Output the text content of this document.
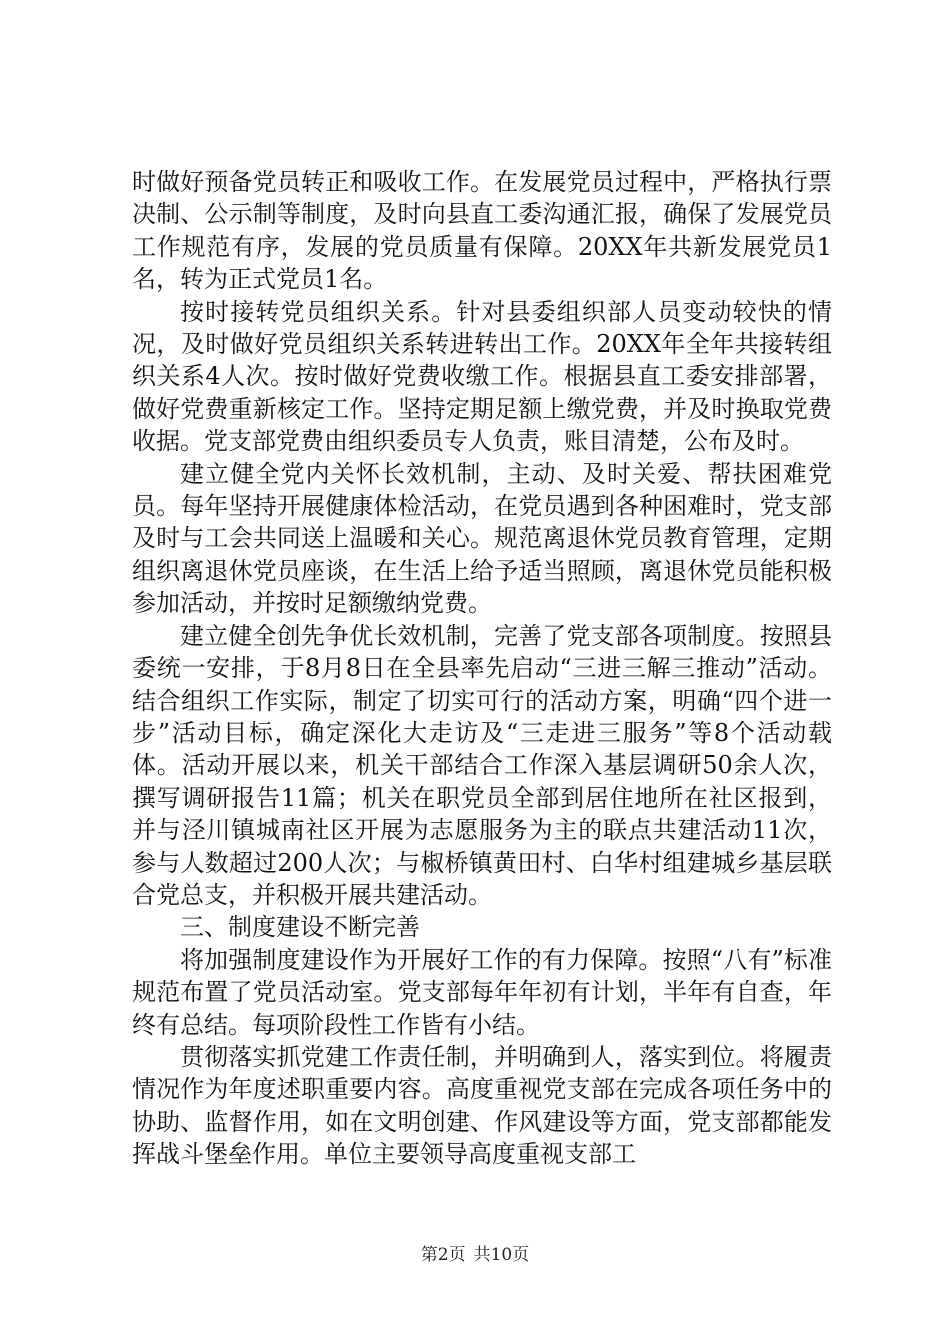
时做好预备党员转正和吸收工作。在发展党员过程中，严格执行票决制、公示制等制度，及时向县直工委沟通汇报，确保了发展党员工作规范有序，发展的党员质量有保障。20XX年共新发展党员1名，转为正式党员1名。

按时接转党员组织关系。针对县委组织部人员变动较快的情况，及时做好党员组织关系转进转出工作。20XX年全年共接转组织关系4人次。按时做好党费收缴工作。根据县直工委安排部署，做好党费重新核定工作。坚持定期足额上缴党费，并及时换取党费收据。党支部党费由组织委员专人负责，账目清楚，公布及时。

建立健全党内关怀长效机制，主动、及时关爱、帮扶困难党员。每年坚持开展健康体检活动，在党员遇到各种困难时，党支部及时与工会共同送上温暖和关心。规范离退休党员教育管理，定期组织离退休党员座谈，在生活上给予适当照顾，离退休党员能积极参加活动，并按时足额缴纳党费。

建立健全创先争优长效机制，完善了党支部各项制度。按照县委统一安排，于8月8日在全县率先启动“三进三解三推动”活动。结合组织工作实际，制定了切实可行的活动方案，明确“四个进一步”活动目标，确定深化大走访及“三走进三服务”等8个活动载体。活动开展以来，机关干部结合工作深入基层调研50余人次，撰写调研报告11篇；机关在职党员全部到居住地所在社区报到，并与泾川镇城南社区开展为志愿服务为主的联点共建活动11次，参与人数超过200人次；与椒桥镇黄田村、白华村组建城乡基层联合党总支，并积极开展共建活动。

三、制度建设不断完善

将加强制度建设作为开展好工作的有力保障。按照“八有”标准规范布置了党员活动室。党支部每年年初有计划，半年有自查，年终有总结。每项阶段性工作皆有小结。

贯彻落实抓党建工作责任制，并明确到人，落实到位。将履责情况作为年度述职重要内容。高度重视党支部在完成各项任务中的协助、监督作用，如在文明创建、作风建设等方面，党支部都能发挥战斗堡垒作用。单位主要领导高度重视支部工

第2页 共10页
